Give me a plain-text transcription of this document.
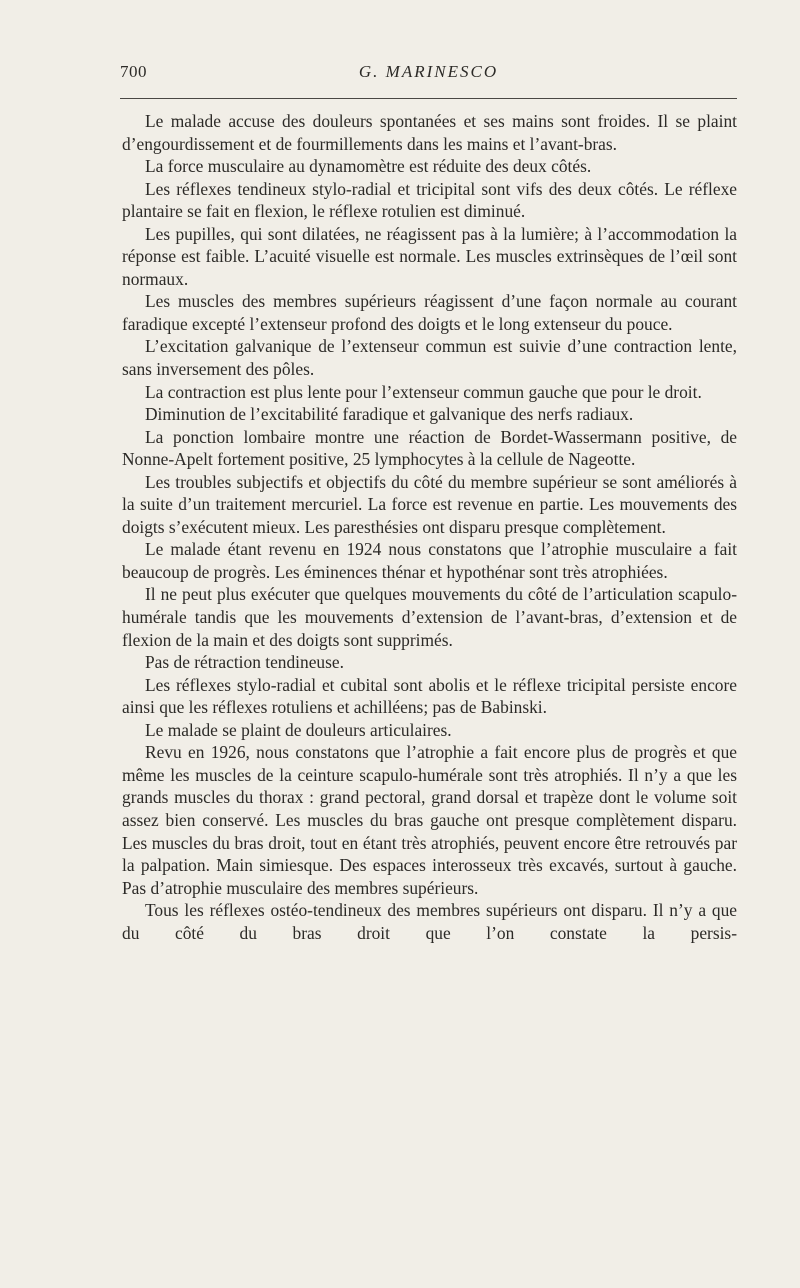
700	G. MARINESCO

Le malade accuse des douleurs spontanées et ses mains sont froides. Il se plaint d’engourdissement et de fourmillements dans les mains et l’avant-bras.

La force musculaire au dynamomètre est réduite des deux côtés.

Les réflexes tendineux stylo-radial et tricipital sont vifs des deux côtés. Le réflexe plantaire se fait en flexion, le réflexe rotulien est diminué.

Les pupilles, qui sont dilatées, ne réagissent pas à la lumière; à l’accommodation la réponse est faible. L’acuité visuelle est normale. Les muscles extrinsèques de l’œil sont normaux.

Les muscles des membres supérieurs réagissent d’une façon normale au courant faradique excepté l’extenseur profond des doigts et le long extenseur du pouce.

L’excitation galvanique de l’extenseur commun est suivie d’une contraction lente, sans inversement des pôles.

La contraction est plus lente pour l’extenseur commun gauche que pour le droit.

Diminution de l’excitabilité faradique et galvanique des nerfs radiaux.

La ponction lombaire montre une réaction de Bordet-Wassermann positive, de Nonne-Apelt fortement positive, 25 lymphocytes à la cellule de Nageotte.

Les troubles subjectifs et objectifs du côté du membre supérieur se sont améliorés à la suite d’un traitement mercuriel. La force est revenue en partie. Les mouvements des doigts s’exécutent mieux. Les paresthésies ont disparu presque complètement.

Le malade étant revenu en 1924 nous constatons que l’atrophie musculaire a fait beaucoup de progrès. Les éminences thénar et hypothénar sont très atrophiées.

Il ne peut plus exécuter que quelques mouvements du côté de l’articulation scapulo-humérale tandis que les mouvements d’extension de l’avant-bras, d’extension et de flexion de la main et des doigts sont supprimés.

Pas de rétraction tendineuse.

Les réflexes stylo-radial et cubital sont abolis et le réflexe tricipital persiste encore ainsi que les réflexes rotuliens et achilléens; pas de Babinski.

Le malade se plaint de douleurs articulaires.

Revu en 1926, nous constatons que l’atrophie a fait encore plus de progrès et que même les muscles de la ceinture scapulo-humérale sont très atrophiés. Il n’y a que les grands muscles du thorax : grand pectoral, grand dorsal et trapèze dont le volume soit assez bien conservé. Les muscles du bras gauche ont presque complètement disparu. Les muscles du bras droit, tout en étant très atrophiés, peuvent encore être retrouvés par la palpation. Main simiesque. Des espaces interosseux très excavés, surtout à gauche. Pas d’atrophie musculaire des membres supérieurs.

Tous les réflexes ostéo-tendineux des membres supérieurs ont disparu. Il n’y a que du côté du bras droit que l’on constate la persis-
